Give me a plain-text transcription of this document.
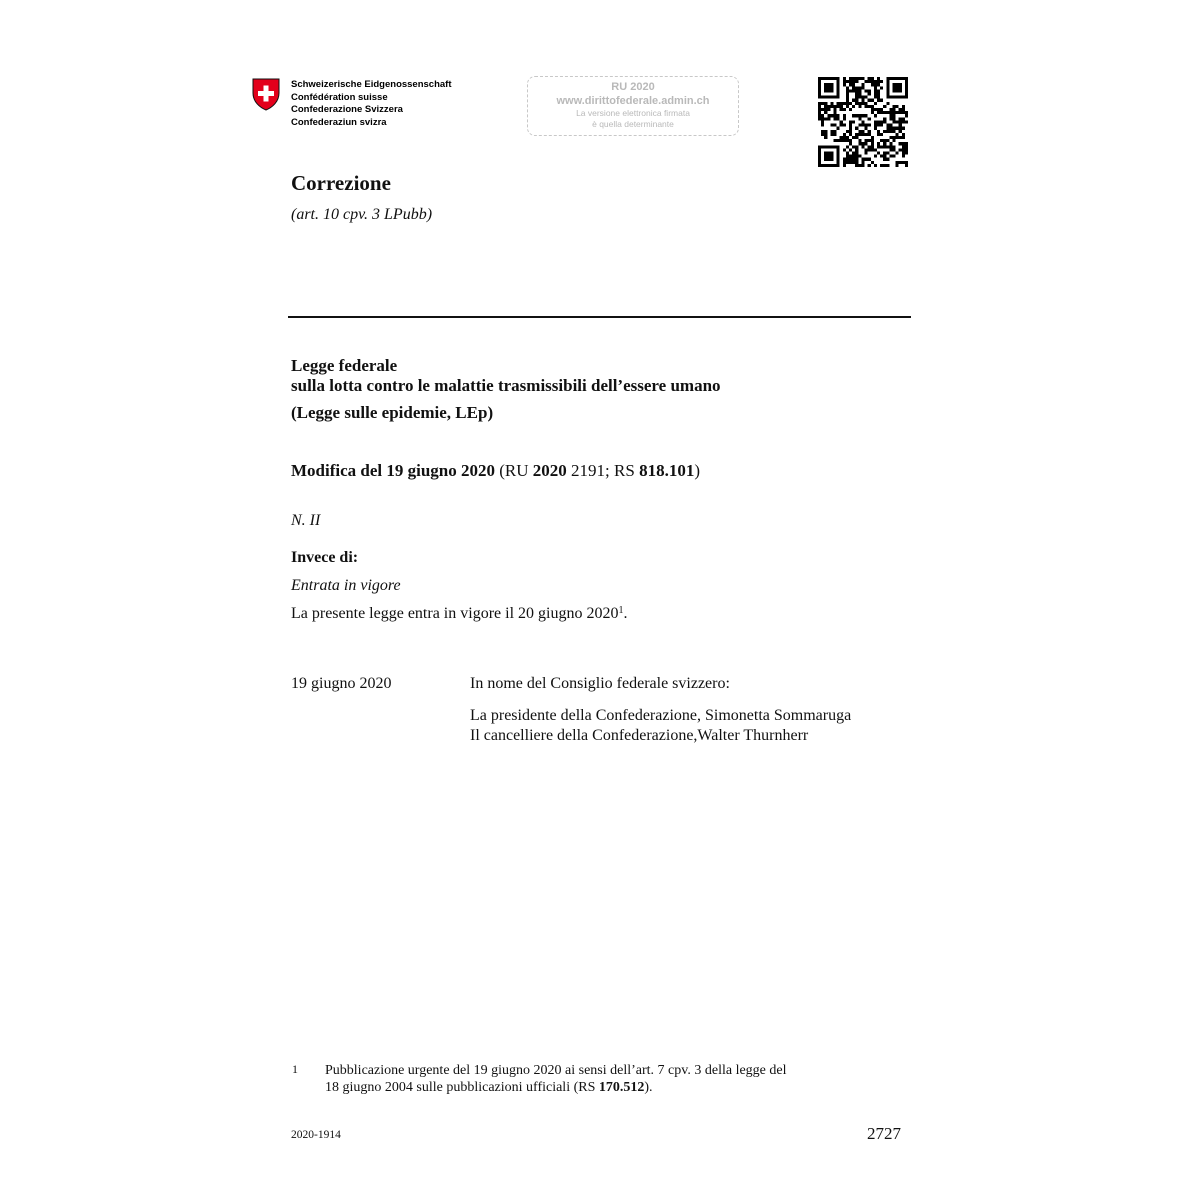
Schweizerische Eidgenossenschaft
Confédération suisse
Confederazione Svizzera
Confederaziun svizra
RU 2020
www.dirittofederale.admin.ch
La versione elettronica firmata
è quella determinante
Correzione
(art. 10 cpv. 3 LPubb)
Legge federale
sulla lotta contro le malattie trasmissibili dell’essere umano
(Legge sulle epidemie, LEp)
Modifica del 19 giugno 2020 (RU 2020 2191; RS 818.101)
N. II
Invece di:
Entrata in vigore
La presente legge entra in vigore il 20 giugno 2020$^1$.
19 giugno 2020	In nome del Consiglio federale svizzero:
La presidente della Confederazione, Simonetta Sommaruga
Il cancelliere della Confederazione,Walter Thurnherr
1 Pubblicazione urgente del 19 giugno 2020 ai sensi dell’art. 7 cpv. 3 della legge del
18 giugno 2004 sulle pubblicazioni ufficiali (RS 170.512).
2020-1914	2727
